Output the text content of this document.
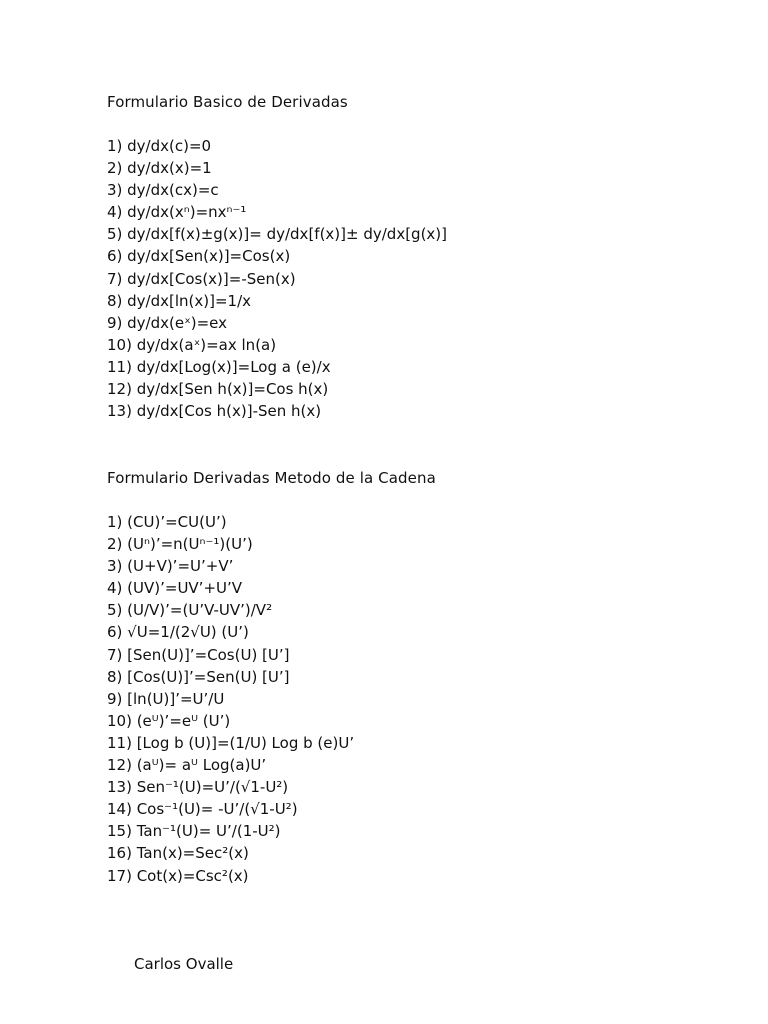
Formulario Basico de Derivadas
1) dy/dx(c)=0
2) dy/dx(x)=1
3) dy/dx(cx)=c
4) dy/dx(xⁿ)=nxⁿ⁻¹
5) dy/dx[f(x)±g(x)]= dy/dx[f(x)]± dy/dx[g(x)]
6) dy/dx[Sen(x)]=Cos(x)
7) dy/dx[Cos(x)]=-Sen(x)
8) dy/dx[ln(x)]=1/x
9) dy/dx(eˣ)=ex
10) dy/dx(aˣ)=ax ln(a)
11) dy/dx[Log(x)]=Log a (e)/x
12) dy/dx[Sen h(x)]=Cos h(x)
13) dy/dx[Cos h(x)]-Sen h(x)
Formulario Derivadas Metodo de la Cadena
1) (CU)’=CU(U’)
2) (Uⁿ)’=n(Uⁿ⁻¹)(U’)
3) (U+V)’=U’+V’
4) (UV)’=UV’+U’V
5) (U/V)’=(U’V-UV’)/V²
6) √U=1/(2√U) (U’)
7) [Sen(U)]’=Cos(U) [U’]
8) [Cos(U)]’=Sen(U) [U’]
9) [ln(U)]’=U’/U
10) (eᵁ)’=eᵁ (U’)
11) [Log b (U)]=(1/U) Log b (e)U’
12) (aᵁ)= aᵁ Log(a)U’
13) Sen⁻¹(U)=U’/(√1-U²)
14) Cos⁻¹(U)= -U’/(√1-U²)
15) Tan⁻¹(U)= U’/(1-U²)
16) Tan(x)=Sec²(x)
17) Cot(x)=Csc²(x)
Carlos Ovalle
